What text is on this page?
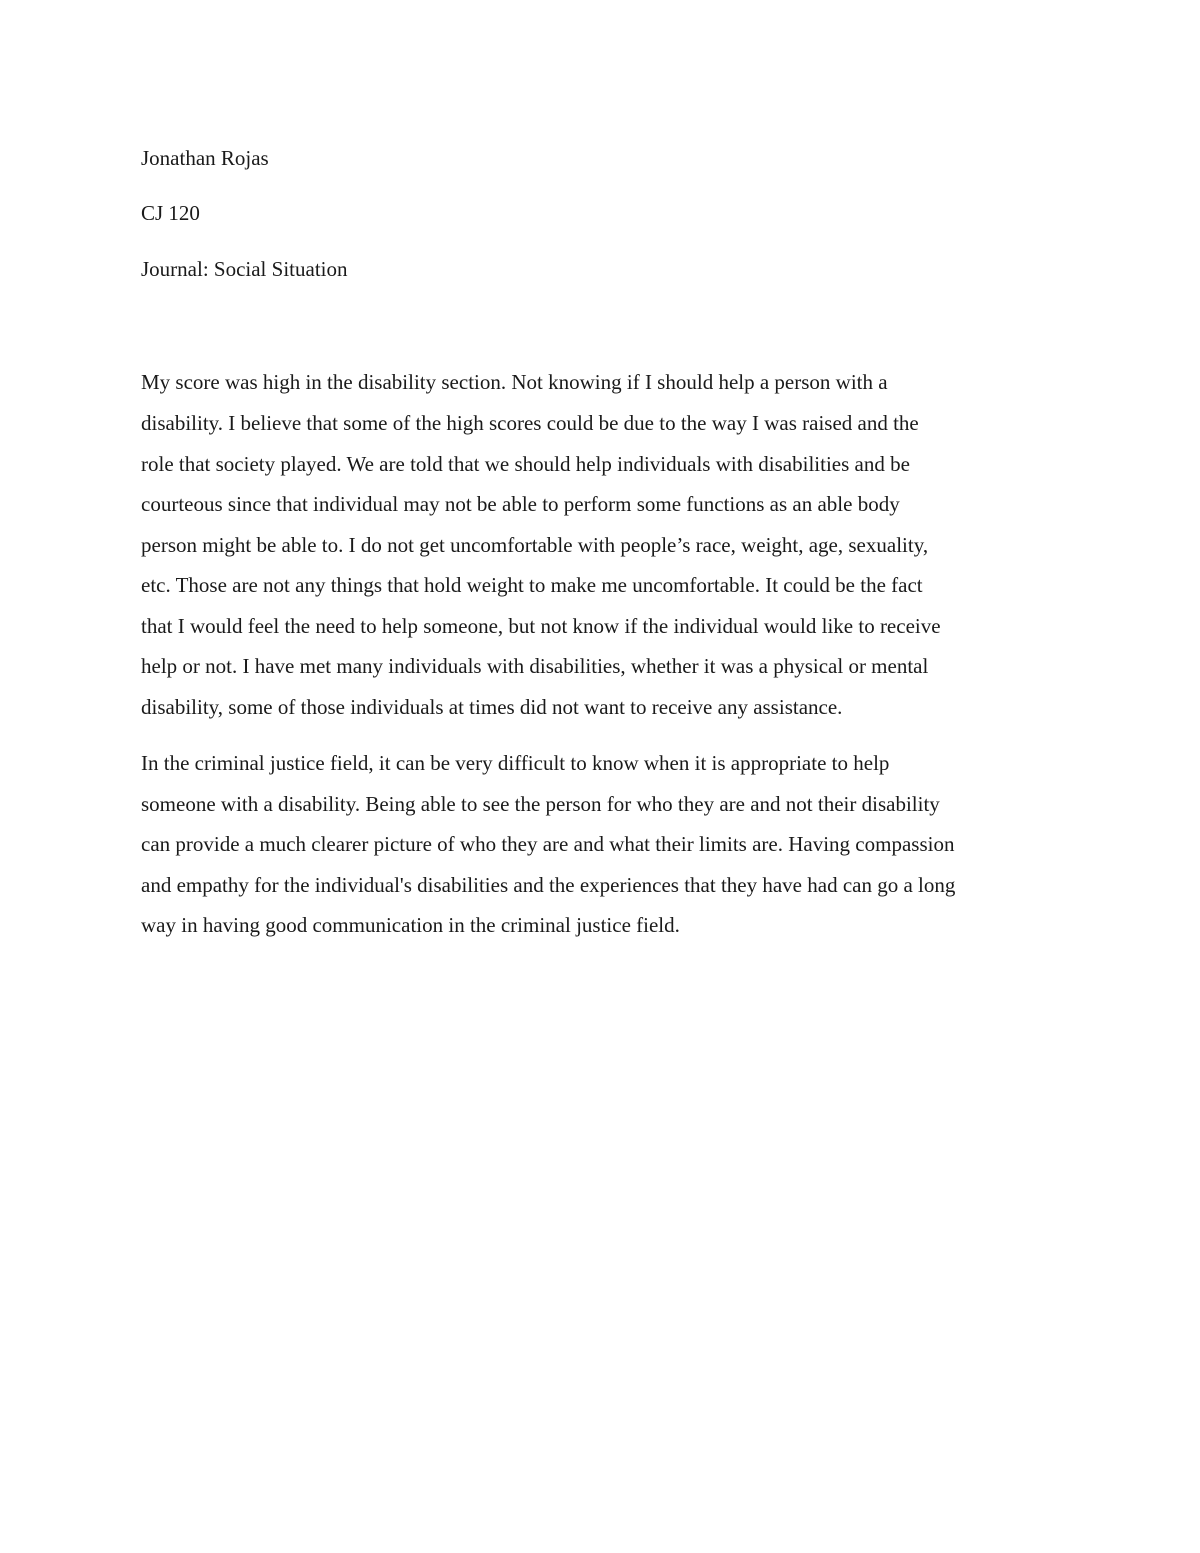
Jonathan Rojas

CJ 120

Journal: Social Situation

My score was high in the disability section. Not knowing if I should help a person with a

disability. I believe that some of the high scores could be due to the way I was raised and the

role that society played. We are told that we should help individuals with disabilities and be

courteous since that individual may not be able to perform some functions as an able body

person might be able to. I do not get uncomfortable with people’s race, weight, age, sexuality,

etc. Those are not any things that hold weight to make me uncomfortable. It could be the fact

that I would feel the need to help someone, but not know if the individual would like to receive

help or not. I have met many individuals with disabilities, whether it was a physical or mental

disability, some of those individuals at times did not want to receive any assistance.

In the criminal justice field, it can be very difficult to know when it is appropriate to help

someone with a disability. Being able to see the person for who they are and not their disability

can provide a much clearer picture of who they are and what their limits are. Having compassion

and empathy for the individual's disabilities and the experiences that they have had can go a long

way in having good communication in the criminal justice field.
